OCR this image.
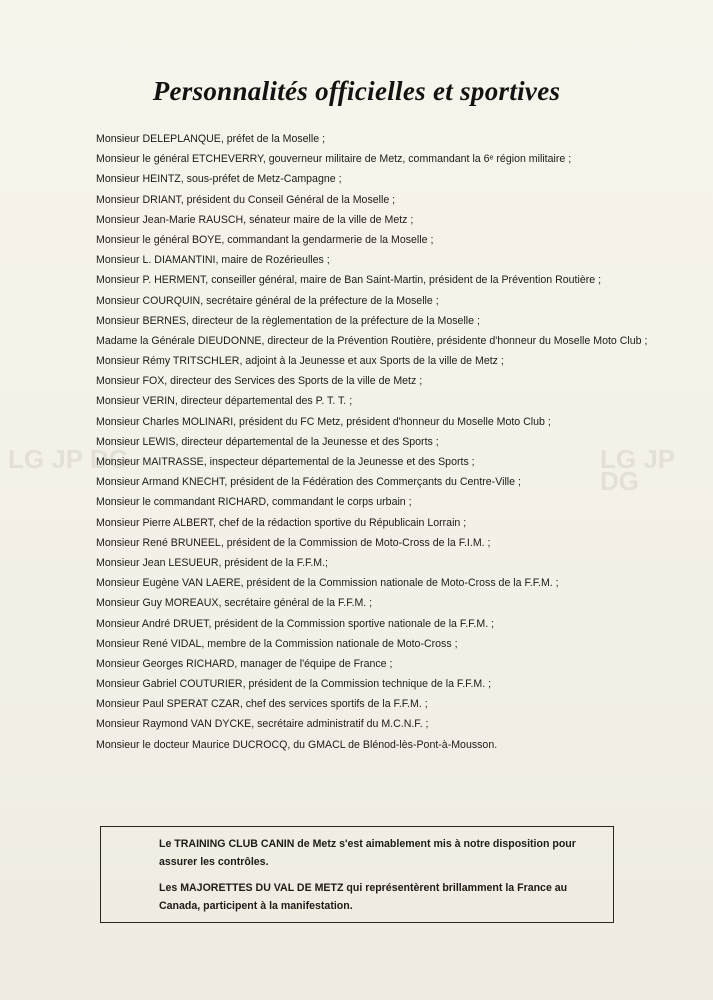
LG JP DG	LG JP DG
Personnalités officielles et sportives
Monsieur DELEPLANQUE, préfet de la Moselle ;
Monsieur le général ETCHEVERRY, gouverneur militaire de Metz, commandant la 6ᵉ région militaire ;
Monsieur HEINTZ, sous-préfet de Metz-Campagne ;
Monsieur DRIANT, président du Conseil Général de la Moselle ;
Monsieur Jean-Marie RAUSCH, sénateur maire de la ville de Metz ;
Monsieur le général BOYE, commandant la gendarmerie de la Moselle ;
Monsieur L. DIAMANTINI, maire de Rozérieulles ;
Monsieur P. HERMENT, conseiller général, maire de Ban Saint-Martin, président de la Prévention Routière ;
Monsieur COURQUIN, secrétaire général de la préfecture de la Moselle ;
Monsieur BERNES, directeur de la règlementation de la préfecture de la Moselle ;
Madame la Générale DIEUDONNE, directeur de la Prévention Routière, présidente d'honneur du Moselle Moto Club ;
Monsieur Rémy TRITSCHLER, adjoint à la Jeunesse et aux Sports de la ville de Metz ;
Monsieur FOX, directeur des Services des Sports de la ville de Metz ;
Monsieur VERIN, directeur départemental des P. T. T. ;
Monsieur Charles MOLINARI, président du FC Metz, président d'honneur du Moselle Moto Club ;
Monsieur LEWIS, directeur départemental de la Jeunesse et des Sports ;
Monsieur MAITRASSE, inspecteur départemental de la Jeunesse et des Sports ;
Monsieur Armand KNECHT, président de la Fédération des Commerçants du Centre-Ville ;
Monsieur le commandant RICHARD, commandant le corps urbain ;
Monsieur Pierre ALBERT, chef de la rédaction sportive du Républicain Lorrain ;
Monsieur René BRUNEEL, président de la Commission de Moto-Cross de la F.I.M. ;
Monsieur Jean LESUEUR, président de la F.F.M.;
Monsieur Eugène VAN LAERE, président de la Commission nationale de Moto-Cross de la F.F.M. ;
Monsieur Guy MOREAUX, secrétaire général de la F.F.M. ;
Monsieur André DRUET, président de la Commission sportive nationale de la F.F.M. ;
Monsieur René VIDAL, membre de la Commission nationale de Moto-Cross ;
Monsieur Georges RICHARD, manager de l'équipe de France ;
Monsieur Gabriel COUTURIER, président de la Commission technique de la F.F.M. ;
Monsieur Paul SPERAT CZAR, chef des services sportifs de la F.F.M. ;
Monsieur Raymond VAN DYCKE, secrétaire administratif du M.C.N.F. ;
Monsieur le docteur Maurice DUCROCQ, du GMACL de Blénod-lès-Pont-à-Mousson.

Le TRAINING CLUB CANIN de Metz s'est aimablement mis à notre disposition pour assurer les contrôles.

Les MAJORETTES DU VAL DE METZ qui représentèrent brillamment la France au Canada, participent à la manifestation.
